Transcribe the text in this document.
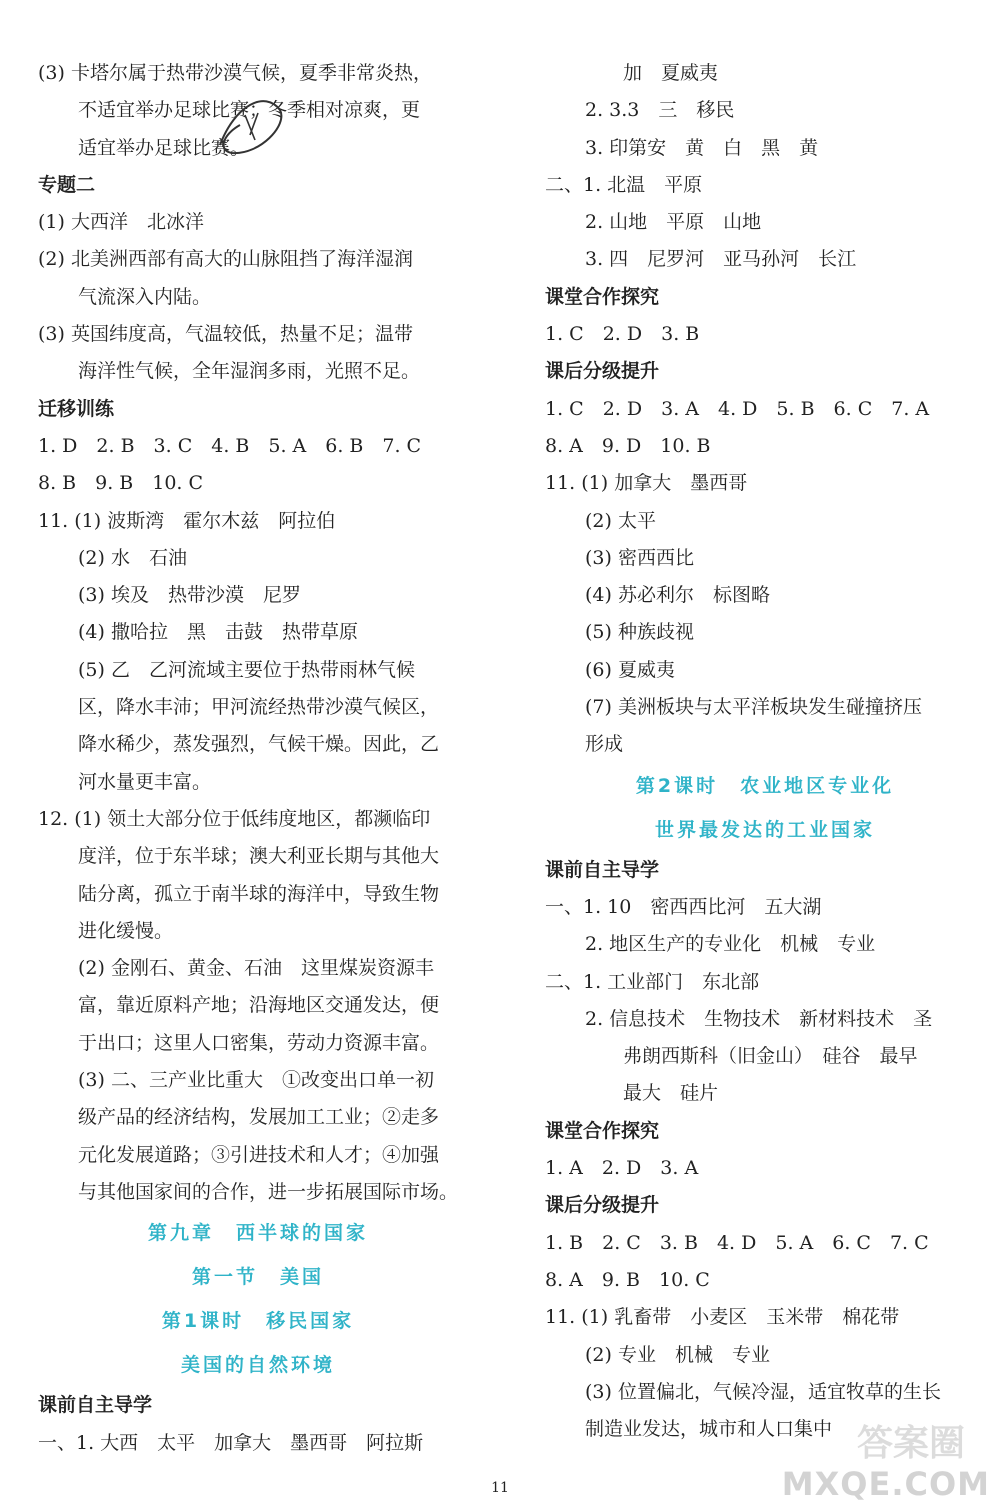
(3) 卡塔尔属于热带沙漠气候，夏季非常炎热，
不适宜举办足球比赛；冬季相对凉爽，更
适宜举办足球比赛。
专题二
(1) 大西洋　北冰洋
(2) 北美洲西部有高大的山脉阻挡了海洋湿润
气流深入内陆。
(3) 英国纬度高，气温较低，热量不足；温带
海洋性气候，全年湿润多雨，光照不足。
迁移训练
1. D　2. B　3. C　4. B　5. A　6. B　7. C
8. B　9. B　10. C
11. (1) 波斯湾　霍尔木兹　阿拉伯
(2) 水　石油
(3) 埃及　热带沙漠　尼罗
(4) 撒哈拉　黑　击鼓　热带草原
(5) 乙　乙河流域主要位于热带雨林气候
区，降水丰沛；甲河流经热带沙漠气候区，
降水稀少，蒸发强烈，气候干燥。因此，乙
河水量更丰富。
12. (1) 领土大部分位于低纬度地区，都濒临印
度洋，位于东半球；澳大利亚长期与其他大
陆分离，孤立于南半球的海洋中，导致生物
进化缓慢。
(2) 金刚石、黄金、石油　这里煤炭资源丰
富，靠近原料产地；沿海地区交通发达，便
于出口；这里人口密集，劳动力资源丰富。
(3) 二、三产业比重大　①改变出口单一初
级产品的经济结构，发展加工工业；②走多
元化发展道路；③引进技术和人才；④加强
与其他国家间的合作，进一步拓展国际市场。
第九章　西半球的国家
第一节　美国
第1课时　移民国家
美国的自然环境
课前自主导学
一、1. 大西　太平　加拿大　墨西哥　阿拉斯
加　夏威夷
2. 3.3　三　移民
3. 印第安　黄　白　黑　黄
二、1. 北温　平原
2. 山地　平原　山地
3. 四　尼罗河　亚马孙河　长江
课堂合作探究
1. C　2. D　3. B
课后分级提升
1. C　2. D　3. A　4. D　5. B　6. C　7. A
8. A　9. D　10. B
11. (1) 加拿大　墨西哥
(2) 太平
(3) 密西西比
(4) 苏必利尔　标图略
(5) 种族歧视
(6) 夏威夷
(7) 美洲板块与太平洋板块发生碰撞挤压
形成
第2课时　农业地区专业化
世界最发达的工业国家
课前自主导学
一、1. 10　密西西比河　五大湖
2. 地区生产的专业化　机械　专业
二、1. 工业部门　东北部
2. 信息技术　生物技术　新材料技术　圣
弗朗西斯科（旧金山）　硅谷　最早
最大　硅片
课堂合作探究
1. A　2. D　3. A
课后分级提升
1. B　2. C　3. B　4. D　5. A　6. C　7. C
8. A　9. B　10. C
11. (1) 乳畜带　小麦区　玉米带　棉花带
(2) 专业　机械　专业
(3) 位置偏北，气候冷湿，适宜牧草的生长
制造业发达，城市和人口集中
11
答案圈
MXQE.COM
